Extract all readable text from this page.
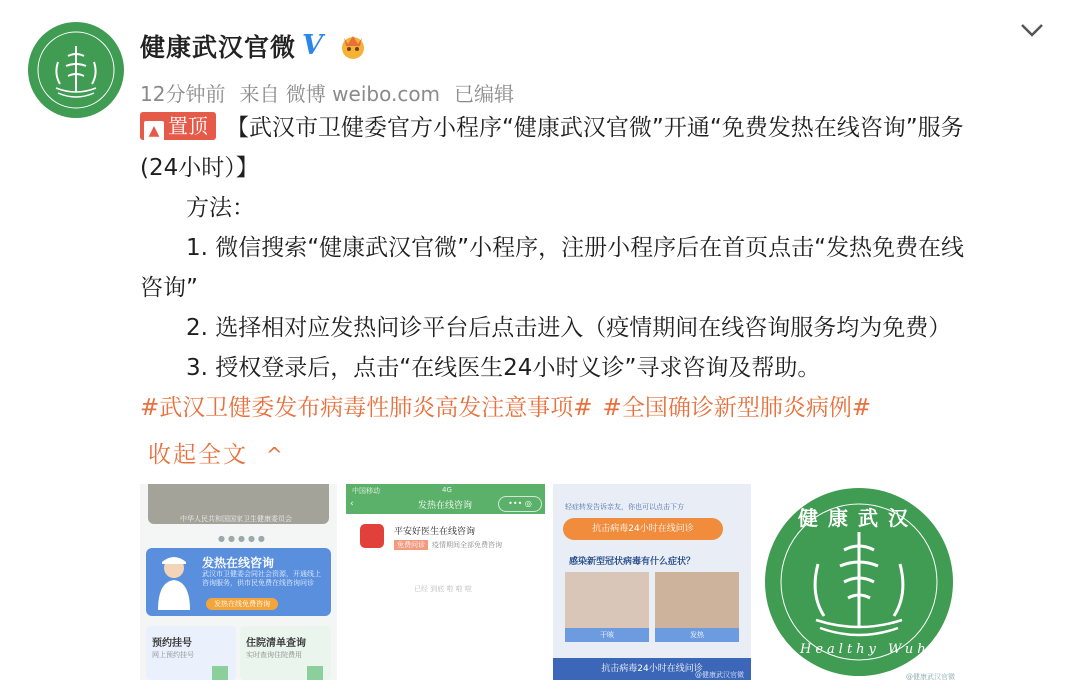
健康武汉官微 V
12分钟前 来自 微博 weibo.com 已编辑

▲ 置顶 【武汉市卫健委官方小程序“健康武汉官微”开通“免费发热在线咨询”服务
(24小时）】

方法：

1. 微信搜索“健康武汉官微”小程序，注册小程序后在首页点击“发热免费在线
咨询”

2. 选择相对应发热问诊平台后点击进入（疫情期间在线咨询服务均为免费）

3. 授权登录后，点击“在线医生24小时义诊”寻求咨询及帮助。

#武汉卫健委发布病毒性肺炎高发注意事项# #全国确诊新型肺炎病例#

收起全文 ^
中华人民共和国国家卫生健康委员会
●●●●●
发热在线咨询
武汉市卫健委会同社会资源，开通线上咨询服务，供市民免费在线咨询问诊
发热在线免费咨询
预约挂号
网上预约挂号
住院清单查询
实时查询住院费用
中国移动	4G
‹	发热在线咨询	••• ◎
平安好医生在线咨询
免费问诊	疫情期间全部免费咨询
已经 到底 啦 啦 啦
轻症转发告诉亲友，你也可以点击下方
抗击病毒24小时在线问诊
感染新型冠状病毒有什么症状？
干咳	发热
抗击病毒24小时在线问诊
@健康武汉官微
健康武汉
Healthy Wuhan
@健康武汉官微
